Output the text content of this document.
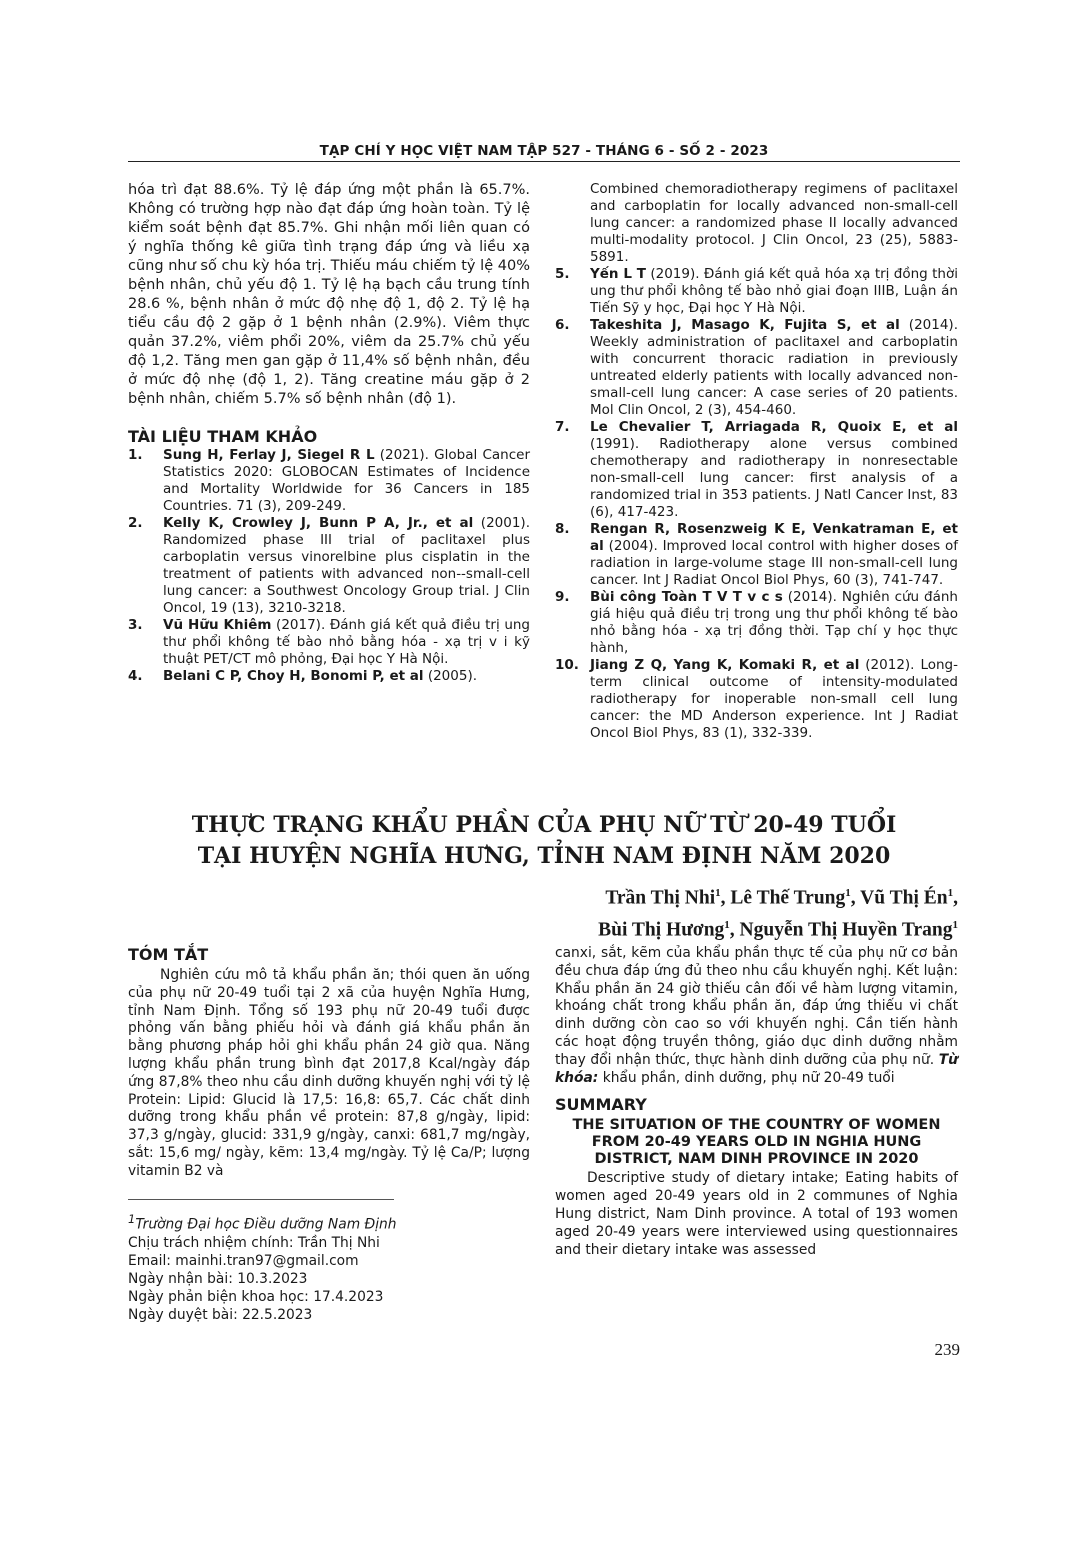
TẠP CHÍ Y HỌC VIỆT NAM TẬP 527 - THÁNG 6 - SỐ 2 - 2023

hóa trì đạt 88.6%. Tỷ lệ đáp ứng một phần là 65.7%. Không có trường hợp nào đạt đáp ứng hoàn toàn. Tỷ lệ kiểm soát bệnh đạt 85.7%. Ghi nhận mối liên quan có ý nghĩa thống kê giữa tình trạng đáp ứng và liều xạ cũng như số chu kỳ hóa trị. Thiếu máu chiếm tỷ lệ 40% bệnh nhân, chủ yếu độ 1. Tỷ lệ hạ bạch cầu trung tính 28.6 %, bệnh nhân ở mức độ nhẹ độ 1, độ 2. Tỷ lệ hạ tiểu cầu độ 2 gặp ở 1 bệnh nhân (2.9%). Viêm thực quản 37.2%, viêm phổi 20%, viêm da 25.7% chủ yếu độ 1,2. Tăng men gan gặp ở 11,4% số bệnh nhân, đều ở mức độ nhẹ (độ 1, 2). Tăng creatine máu gặp ở 2 bệnh nhân, chiếm 5.7% số bệnh nhân (độ 1).

TÀI LIỆU THAM KHẢO
1. Sung H, Ferlay J, Siegel R L (2021). Global Cancer Statistics 2020: GLOBOCAN Estimates of Incidence and Mortality Worldwide for 36 Cancers in 185 Countries. 71 (3), 209-249.
2. Kelly K, Crowley J, Bunn P A, Jr., et al (2001). Randomized phase III trial of paclitaxel plus carboplatin versus vinorelbine plus cisplatin in the treatment of patients with advanced non--small-cell lung cancer: a Southwest Oncology Group trial. J Clin Oncol, 19 (13), 3210-3218.
3. Vũ Hữu Khiêm (2017). Đánh giá kết quả điều trị ung thư phổi không tế bào nhỏ bằng hóa - xạ trị v i kỹ thuật PET/CT mô phỏng, Đại học Y Hà Nội.
4. Belani C P, Choy H, Bonomi P, et al (2005).
Combined chemoradiotherapy regimens of paclitaxel and carboplatin for locally advanced non-small-cell lung cancer: a randomized phase II locally advanced multi-modality protocol. J Clin Oncol, 23 (25), 5883-5891.
5. Yến L T (2019). Đánh giá kết quả hóa xạ trị đồng thời ung thư phổi không tế bào nhỏ giai đoạn IIIB, Luận án Tiến Sỹ y học, Đại học Y Hà Nội.
6. Takeshita J, Masago K, Fujita S, et al (2014). Weekly administration of paclitaxel and carboplatin with concurrent thoracic radiation in previously untreated elderly patients with locally advanced non-small-cell lung cancer: A case series of 20 patients. Mol Clin Oncol, 2 (3), 454-460.
7. Le Chevalier T, Arriagada R, Quoix E, et al (1991). Radiotherapy alone versus combined chemotherapy and radiotherapy in nonresectable non-small-cell lung cancer: first analysis of a randomized trial in 353 patients. J Natl Cancer Inst, 83 (6), 417-423.
8. Rengan R, Rosenzweig K E, Venkatraman E, et al (2004). Improved local control with higher doses of radiation in large-volume stage III non-small-cell lung cancer. Int J Radiat Oncol Biol Phys, 60 (3), 741-747.
9. Bùi công Toàn T V T v c s (2014). Nghiên cứu đánh giá hiệu quả điều trị trong ung thư phổi không tế bào nhỏ bằng hóa - xạ trị đồng thời. Tạp chí y học thực hành,
10. Jiang Z Q, Yang K, Komaki R, et al (2012). Long-term clinical outcome of intensity-modulated radiotherapy for inoperable non-small cell lung cancer: the MD Anderson experience. Int J Radiat Oncol Biol Phys, 83 (1), 332-339.
THỰC TRẠNG KHẨU PHẦN CỦA PHỤ NỮ TỪ 20-49 TUỔI
TẠI HUYỆN NGHĨA HƯNG, TỈNH NAM ĐỊNH NĂM 2020
Trần Thị Nhi$^1$, Lê Thế Trung$^1$, Vũ Thị $Én^1$,
Bùi Thị Hương$^1$, Nguyễn Thị Huyền Trang$^1$
TÓM TẮT

Nghiên cứu mô tả khẩu phần ăn; thói quen ăn uống của phụ nữ 20-49 tuổi tại 2 xã của huyện Nghĩa Hưng, tỉnh Nam Định. Tổng số 193 phụ nữ 20-49 tuổi được phỏng vấn bằng phiếu hỏi và đánh giá khẩu phần ăn bằng phương pháp hỏi ghi khẩu phần 24 giờ qua. Năng lượng khẩu phần trung bình đạt 2017,8 Kcal/ngày đáp ứng 87,8% theo nhu cầu dinh dưỡng khuyến nghị với tỷ lệ Protein: Lipid: Glucid là 17,5: 16,8: 65,7. Các chất dinh dưỡng trong khẩu phần về protein: 87,8 g/ngày, lipid: 37,3 g/ngày, glucid: 331,9 g/ngày, canxi: 681,7 mg/ngày, sắt: 15,6 mg/ ngày, kẽm: 13,4 mg/ngày. Tỷ lệ Ca/P; lượng vitamin B2 và

$^1$Trường Đại học Điều dưỡng Nam Định

Chịu trách nhiệm chính: Trần Thị Nhi

Email: mainhi.tran97@gmail.com

Ngày nhận bài: 10.3.2023

Ngày phản biện khoa học: 17.4.2023

Ngày duyệt bài: 22.5.2023

canxi, sắt, kẽm của khẩu phần thực tế của phụ nữ cơ bản đều chưa đáp ứng đủ theo nhu cầu khuyến nghị. Kết luận: Khẩu phần ăn 24 giờ thiếu cân đối về hàm lượng vitamin, khoáng chất trong khẩu phần ăn, đáp ứng thiếu vi chất dinh dưỡng còn cao so với khuyến nghị. Cần tiến hành các hoạt động truyền thông, giáo dục dinh dưỡng nhằm thay đổi nhận thức, thực hành dinh dưỡng của phụ nữ. Từ khóa: khẩu phần, dinh dưỡng, phụ nữ 20-49 tuổi

SUMMARY
THE SITUATION OF THE COUNTRY OF WOMEN FROM 20-49 YEARS OLD IN NGHIA HUNG DISTRICT, NAM DINH PROVINCE IN 2020

Descriptive study of dietary intake; Eating habits of women aged 20-49 years old in 2 communes of Nghia Hung district, Nam Dinh province. A total of 193 women aged 20-49 years were interviewed using questionnaires and their dietary intake was assessed

239
